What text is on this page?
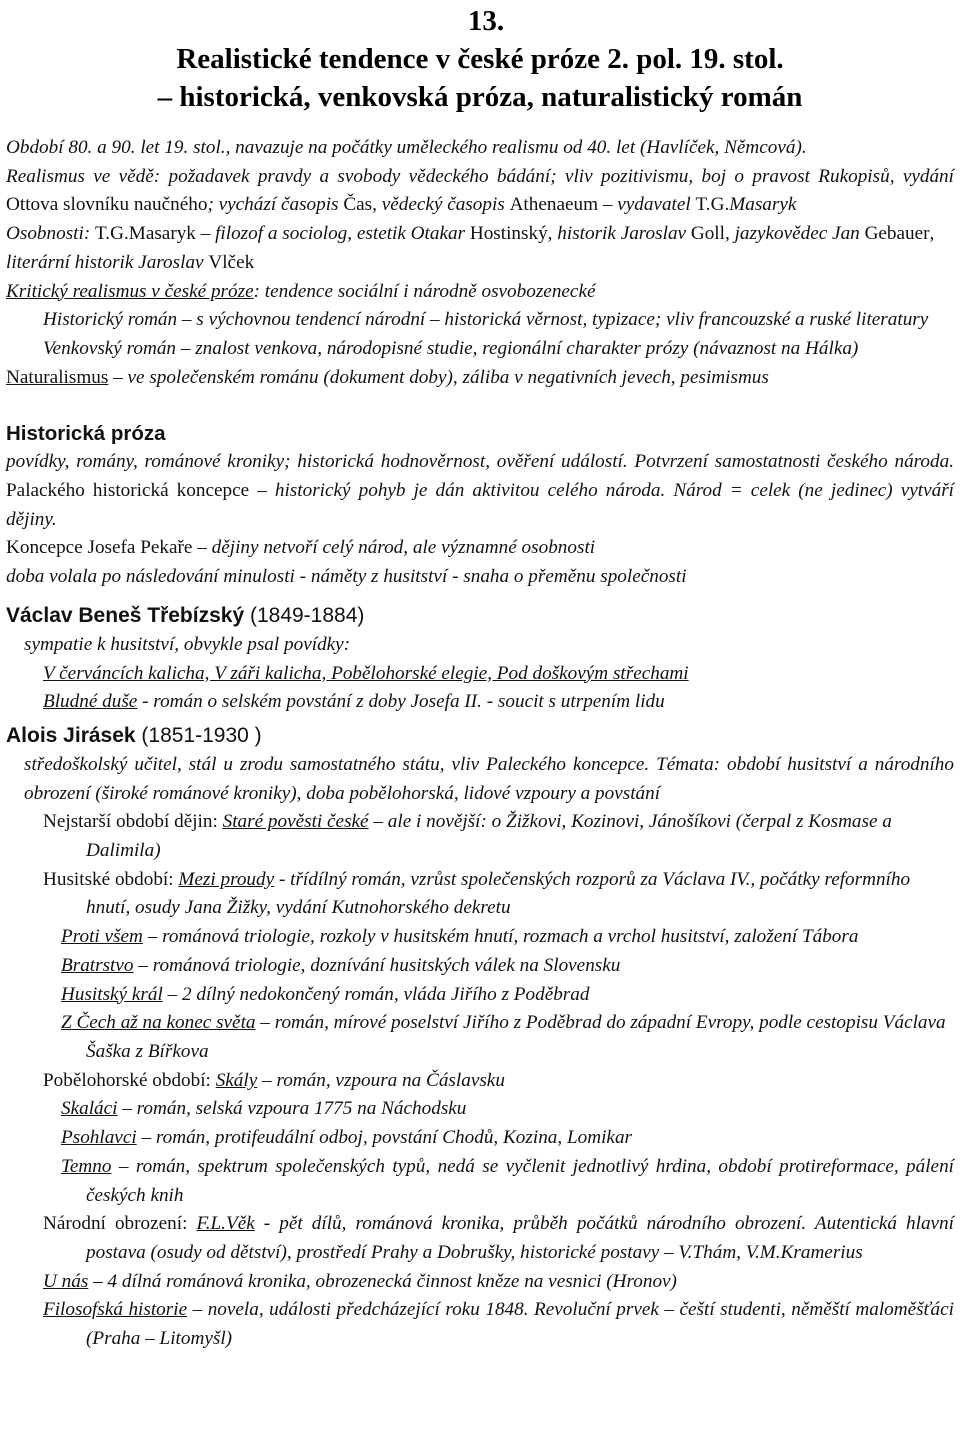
13.
Realistické tendence v české próze 2. pol. 19. stol.
– historická, venkovská próza, naturalistický román

Období 80. a 90. let 19. stol., navazuje na počátky uměleckého realismu od 40. let (Havlíček, Němcová).

Realismus ve vědě: požadavek pravdy a svobody vědeckého bádání; vliv pozitivismu, boj o pravost Rukopisů, vydání Ottova slovníku naučného; vychází časopis Čas, vědecký časopis Athenaeum – vydavatel T.G.Masaryk

Osobnosti: T.G.Masaryk – filozof a sociolog, estetik Otakar Hostinský, historik Jaroslav Goll, jazykovědec Jan Gebauer, literární historik Jaroslav Vlček

Kritický realismus v české próze: tendence sociální i národně osvobozenecké

Historický román – s výchovnou tendencí národní – historická věrnost, typizace; vliv francouzské a ruské literatury

Venkovský román – znalost venkova, národopisné studie, regionální charakter prózy (návaznost na Hálka)

Naturalismus – ve společenském románu (dokument doby), záliba v negativních jevech, pesimismus

Historická próza

povídky, romány, románové kroniky; historická hodnověrnost, ověření událostí. Potvrzení samostatnosti českého národa. Palackého historická koncepce – historický pohyb je dán aktivitou celého národa. Národ = celek (ne jedinec) vytváří dějiny.

Koncepce Josefa Pekaře – dějiny netvoří celý národ, ale významné osobnosti

doba volala po následování minulosti - náměty z husitství - snaha o přeměnu společnosti

Václav Beneš Třebízský (1849-1884)

sympatie k husitství, obvykle psal povídky:

V červáncích kalicha, V záři kalicha, Pobělohorské elegie, Pod doškovým střechami

Bludné duše - román o selském povstání z doby Josefa II. - soucit s utrpením lidu

Alois Jirásek (1851-1930 )

středoškolský učitel, stál u zrodu samostatného státu, vliv Paleckého koncepce. Témata: období husitství a národního obrození (široké románové kroniky), doba pobělohorská, lidové vzpoury a povstání

Nejstarší období dějin: Staré pověsti české – ale i novější: o Žižkovi, Kozinovi, Jánošíkovi (čerpal z Kosmase a Dalimila)

Husitské období: Mezi proudy - třídílný román, vzrůst společenských rozporů za Václava IV., počátky reformního hnutí, osudy Jana Žižky, vydání Kutnohorského dekretu

Proti všem – románová triologie, rozkoly v husitském hnutí, rozmach a vrchol husitství, založení Tábora

Bratrstvo – románová triologie, doznívání husitských válek na Slovensku

Husitský král – 2 dílný nedokončený román, vláda Jiřího z Poděbrad

Z Čech až na konec světa – román, mírové poselství Jiřího z Poděbrad do západní Evropy, podle cestopisu Václava Šaška z Bířkova

Pobělohorské období: Skály – román, vzpoura na Čáslavsku

Skaláci – román, selská vzpoura 1775 na Náchodsku

Psohlavci – román, protifeudální odboj, povstání Chodů, Kozina, Lomikar

Temno – román, spektrum společenských typů, nedá se vyčlenit jednotlivý hrdina, období protireformace, pálení českých knih

Národní obrození: F.L.Věk - pět dílů, románová kronika, průběh počátků národního obrození. Autentická hlavní postava (osudy od dětství), prostředí Prahy a Dobrušky, historické postavy – V.Thám, V.M.Kramerius

U nás – 4 dílná románová kronika, obrozenecká činnost kněze na vesnici (Hronov)

Filosofská historie – novela, události předcházející roku 1848. Revoluční prvek – čeští studenti, něměští maloměšťáci (Praha – Litomyšl)
